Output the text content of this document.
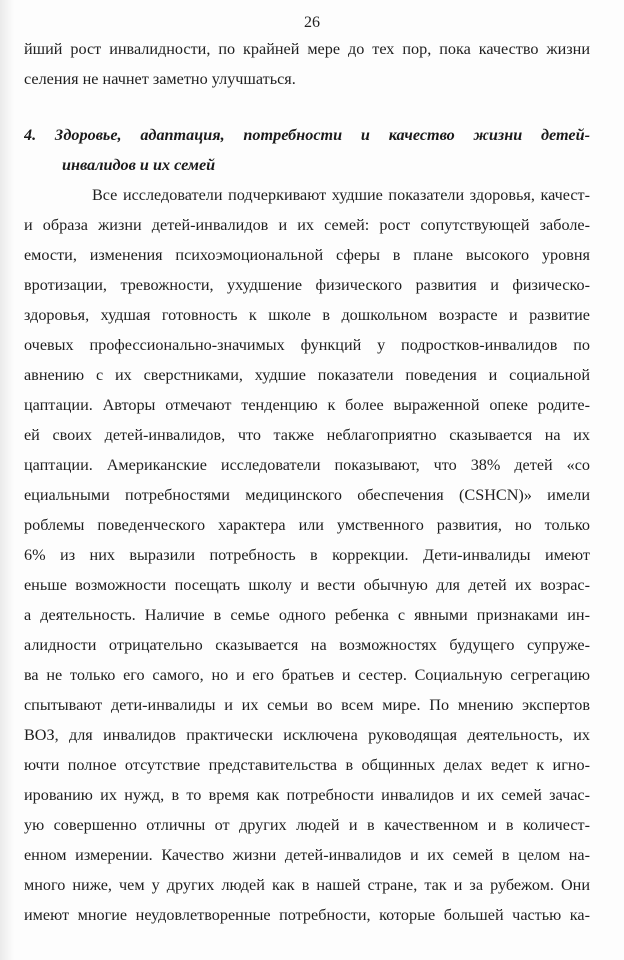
26
йший рост инвалидности, по крайней мере до тех пор, пока качество жизни
селения не начнет заметно улучшаться.
4. Здоровье, адаптация, потребности и качество жизни детей-
инвалидов и их семей
Все исследователи подчеркивают худшие показатели здоровья, качест-
и образа жизни детей-инвалидов и их семей: рост сопутствующей заболе-
емости, изменения психоэмоциональной сферы в плане высокого уровня
вротизации, тревожности, ухудшение физического развития и физическо-
здоровья, худшая готовность к школе в дошкольном возрасте и развитие
очевых профессионально-значимых функций у подростков-инвалидов по
авнению с их сверстниками, худшие показатели поведения и социальной
цаптации. Авторы отмечают тенденцию к более выраженной опеке родите-
ей своих детей-инвалидов, что также неблагоприятно сказывается на их
цаптации. Американские исследователи показывают, что 38% детей «со
ециальными потребностями медицинского обеспечения (CSHCN)» имели
роблемы поведенческого характера или умственного развития, но только
6% из них выразили потребность в коррекции. Дети-инвалиды имеют
еньше возможности посещать школу и вести обычную для детей их возрас-
а деятельность. Наличие в семье одного ребенка с явными признаками ин-
алидности отрицательно сказывается на возможностях будущего супруже-
ва не только его самого, но и его братьев и сестер. Социальную сегрегацию
спытывают дети-инвалиды и их семьи во всем мире. По мнению экспертов
ВОЗ, для инвалидов практически исключена руководящая деятельность, их
ючти полное отсутствие представительства в общинных делах ведет к игно-
ированию их нужд, в то время как потребности инвалидов и их семей зачас-
ую совершенно отличны от других людей и в качественном и в количест-
енном измерении. Качество жизни детей-инвалидов и их семей в целом на-
много ниже, чем у других людей как в нашей стране, так и за рубежом. Они
имеют многие неудовлетворенные потребности, которые большей частью ка-
